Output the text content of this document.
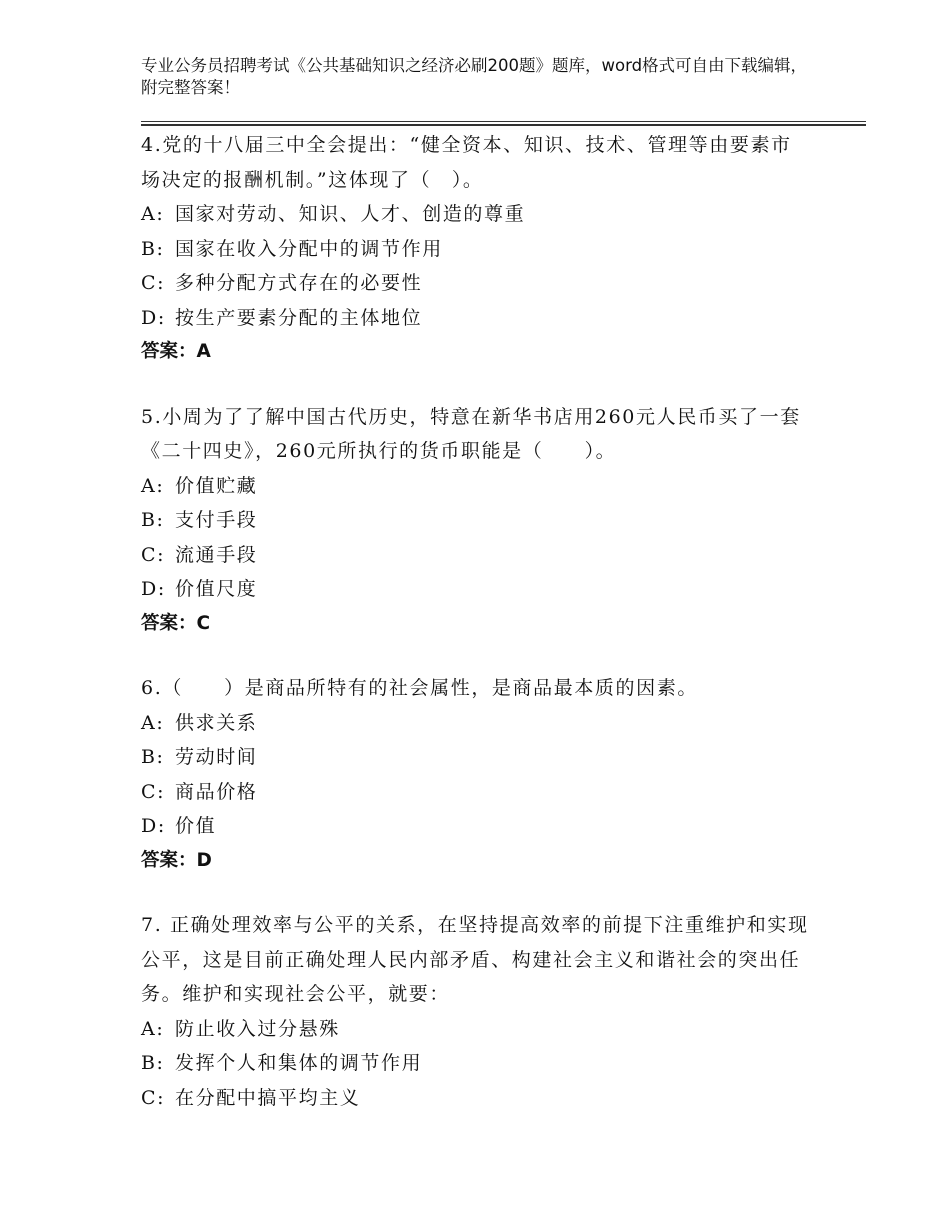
专业公务员招聘考试《公共基础知识之经济必刷200题》题库，word格式可自由下载编辑，附完整答案！

4.党的十八届三中全会提出：“健全资本、知识、技术、管理等由要素市场决定的报酬机制。”这体现了（　）。

A: 国家对劳动、知识、人才、创造的尊重

B: 国家在收入分配中的调节作用

C: 多种分配方式存在的必要性

D: 按生产要素分配的主体地位

答案：A

5.小周为了了解中国古代历史，特意在新华书店用260元人民币买了一套《二十四史》，260元所执行的货币职能是（　　）。

A: 价值贮藏

B: 支付手段

C: 流通手段

D: 价值尺度

答案：C

6.（　　）是商品所特有的社会属性，是商品最本质的因素。

A: 供求关系

B: 劳动时间

C: 商品价格

D: 价值

答案：D

7. 正确处理效率与公平的关系，在坚持提高效率的前提下注重维护和实现公平，这是目前正确处理人民内部矛盾、构建社会主义和谐社会的突出任务。维护和实现社会公平，就要：

A: 防止收入过分悬殊

B: 发挥个人和集体的调节作用

C: 在分配中搞平均主义
